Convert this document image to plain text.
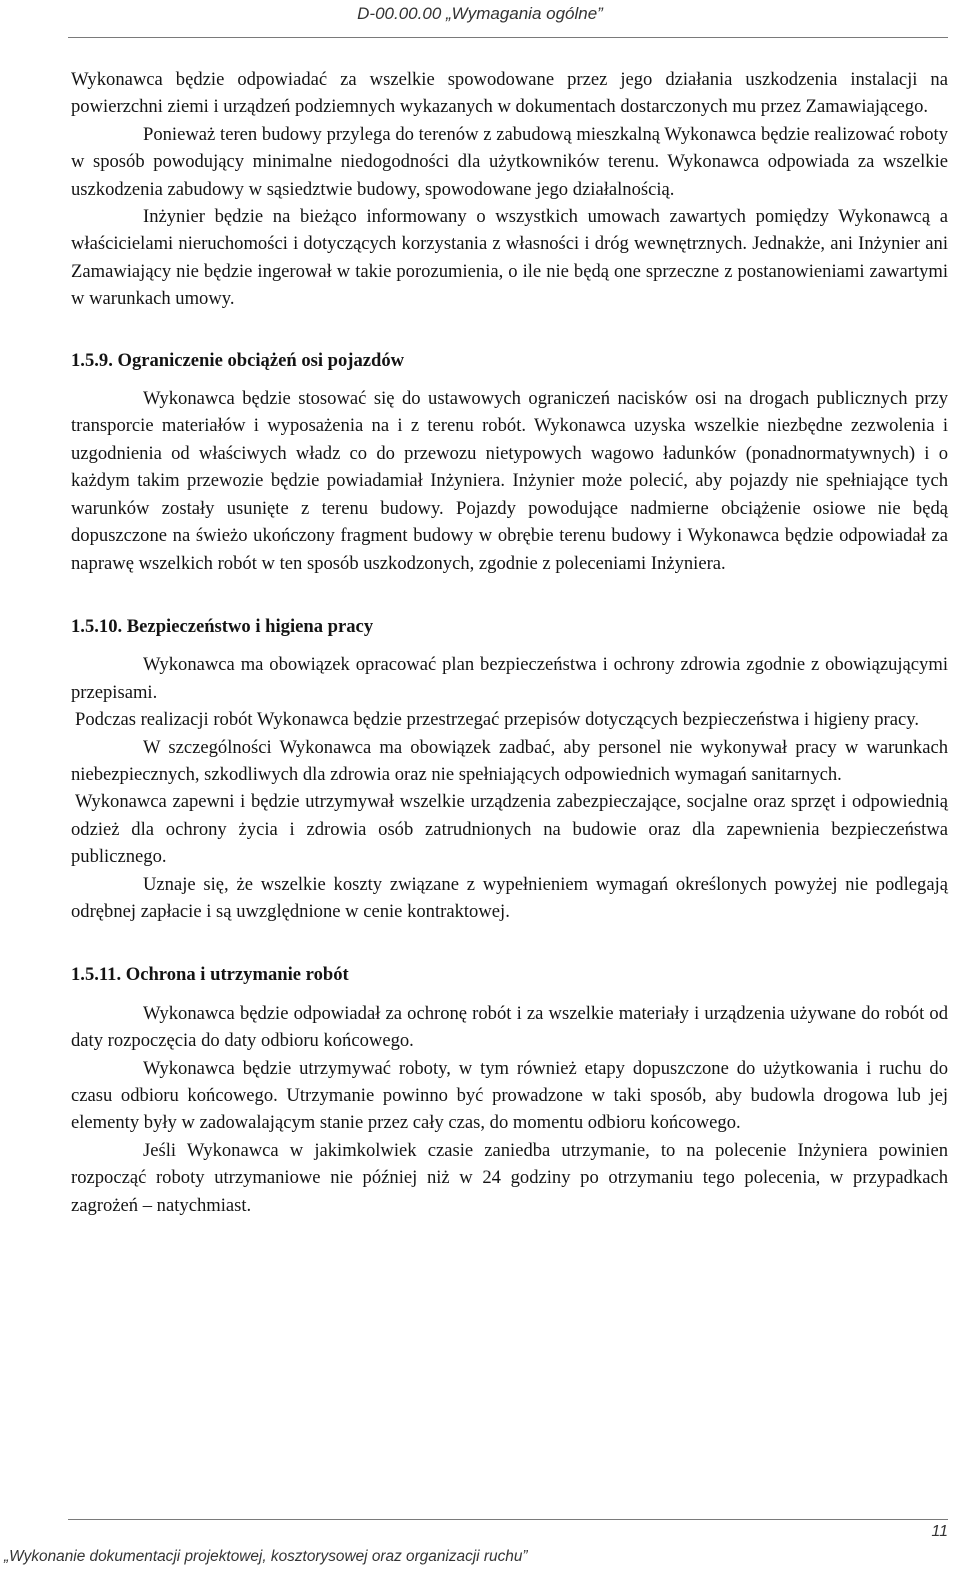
D-00.00.00 „Wymagania ogólne”

Wykonawca będzie odpowiadać za wszelkie spowodowane przez jego działania uszkodzenia instalacji na powierzchni ziemi i urządzeń podziemnych wykazanych w dokumentach dostarczonych mu przez Zamawiającego.

Ponieważ teren budowy przylega do terenów z zabudową mieszkalną Wykonawca będzie realizować roboty w sposób powodujący minimalne niedogodności dla użytkowników terenu. Wykonawca odpowiada za wszelkie uszkodzenia zabudowy w sąsiedztwie budowy, spowodowane jego działalnością.

Inżynier będzie na bieżąco informowany o wszystkich umowach zawartych pomiędzy Wykonawcą a właścicielami nieruchomości i dotyczących korzystania z własności i dróg wewnętrznych. Jednakże, ani Inżynier ani Zamawiający nie będzie ingerował w takie porozumienia, o ile nie będą one sprzeczne z postanowieniami zawartymi w warunkach umowy.

1.5.9. Ograniczenie obciążeń osi pojazdów

Wykonawca będzie stosować się do ustawowych ograniczeń nacisków osi na drogach publicznych przy transporcie materiałów i wyposażenia na i z terenu robót. Wykonawca uzyska wszelkie niezbędne zezwolenia i uzgodnienia od właściwych władz co do przewozu nietypowych wagowo ładunków (ponadnormatywnych) i o każdym takim przewozie będzie powiadamiał Inżyniera. Inżynier może polecić, aby pojazdy nie spełniające tych warunków zostały usunięte z terenu budowy. Pojazdy powodujące nadmierne obciążenie osiowe nie będą dopuszczone na świeżo ukończony fragment budowy w obrębie terenu budowy i Wykonawca będzie odpowiadał za naprawę wszelkich robót w ten sposób uszkodzonych, zgodnie z poleceniami Inżyniera.

1.5.10. Bezpieczeństwo i higiena pracy

Wykonawca ma obowiązek opracować plan bezpieczeństwa i ochrony zdrowia zgodnie z obowiązującymi przepisami.

Podczas realizacji robót Wykonawca będzie przestrzegać przepisów dotyczących bezpieczeństwa i higieny pracy.

W szczególności Wykonawca ma obowiązek zadbać, aby personel nie wykonywał pracy w warunkach niebezpiecznych, szkodliwych dla zdrowia oraz nie spełniających odpowiednich wymagań sanitarnych.

Wykonawca zapewni i będzie utrzymywał wszelkie urządzenia zabezpieczające, socjalne oraz sprzęt i odpowiednią odzież dla ochrony życia i zdrowia osób zatrudnionych na budowie oraz dla zapewnienia bezpieczeństwa publicznego.

Uznaje się, że wszelkie koszty związane z wypełnieniem wymagań określonych powyżej nie podlegają odrębnej zapłacie i są uwzględnione w cenie kontraktowej.

1.5.11. Ochrona i utrzymanie robót

Wykonawca będzie odpowiadał za ochronę robót i za wszelkie materiały i urządzenia używane do robót od daty rozpoczęcia do daty odbioru końcowego.

Wykonawca będzie utrzymywać roboty, w tym również etapy dopuszczone do użytkowania i ruchu do czasu odbioru końcowego. Utrzymanie powinno być prowadzone w taki sposób, aby budowla drogowa lub jej elementy były w zadowalającym stanie przez cały czas, do momentu odbioru końcowego.

Jeśli Wykonawca w jakimkolwiek czasie zaniedba utrzymanie, to na polecenie Inżyniera powinien rozpocząć roboty utrzymaniowe nie później niż w 24 godziny po otrzymaniu tego polecenia, w przypadkach zagrożeń – natychmiast.

11
„Wykonanie dokumentacji projektowej, kosztorysowej oraz organizacji ruchu”
